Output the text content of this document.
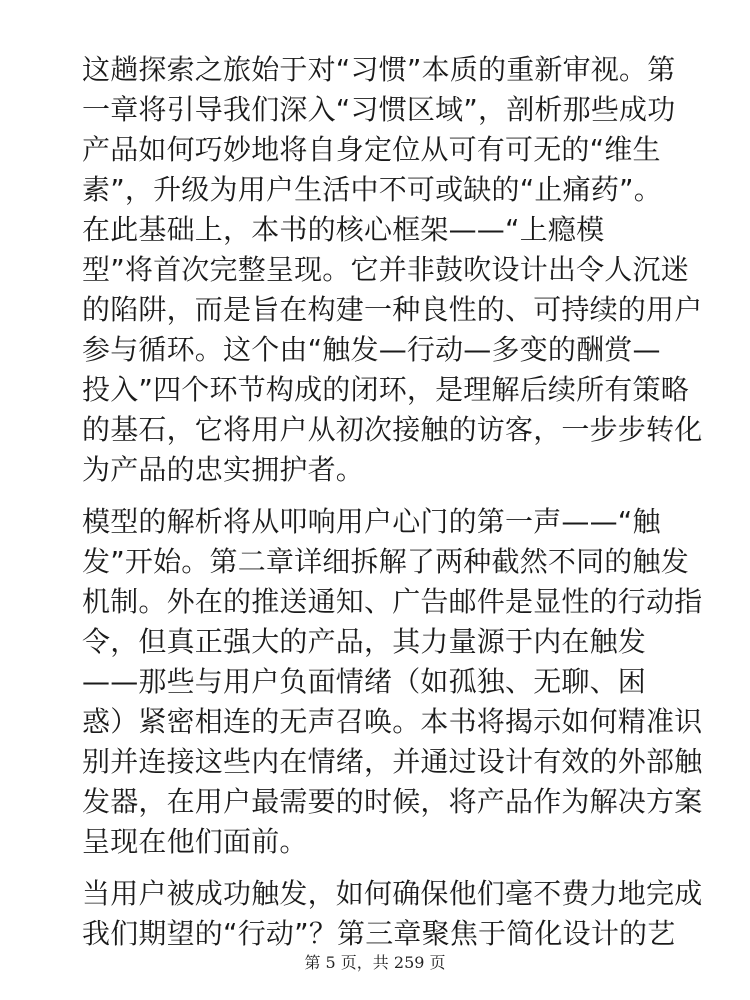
这趟探索之旅始于对“习惯”本质的重新审视。第
一章将引导我们深入“习惯区域”，剖析那些成功
产品如何巧妙地将自身定位从可有可无的“维生
素”，升级为用户生活中不可或缺的“止痛药”。
在此基础上，本书的核心框架——“上瘾模
型”将首次完整呈现。它并非鼓吹设计出令人沉迷
的陷阱，而是旨在构建一种良性的、可持续的用户
参与循环。这个由“触发—行动—多变的酬赏—
投入”四个环节构成的闭环，是理解后续所有策略
的基石，它将用户从初次接触的访客，一步步转化
为产品的忠实拥护者。
模型的解析将从叩响用户心门的第一声——“触
发”开始。第二章详细拆解了两种截然不同的触发
机制。外在的推送通知、广告邮件是显性的行动指
令，但真正强大的产品，其力量源于内在触发
——那些与用户负面情绪（如孤独、无聊、困
惑）紧密相连的无声召唤。本书将揭示如何精准识
别并连接这些内在情绪，并通过设计有效的外部触
发器，在用户最需要的时候，将产品作为解决方案
呈现在他们面前。
当用户被成功触发，如何确保他们毫不费力地完成
我们期望的“行动”？第三章聚焦于简化设计的艺
第 5 页，共 259 页
